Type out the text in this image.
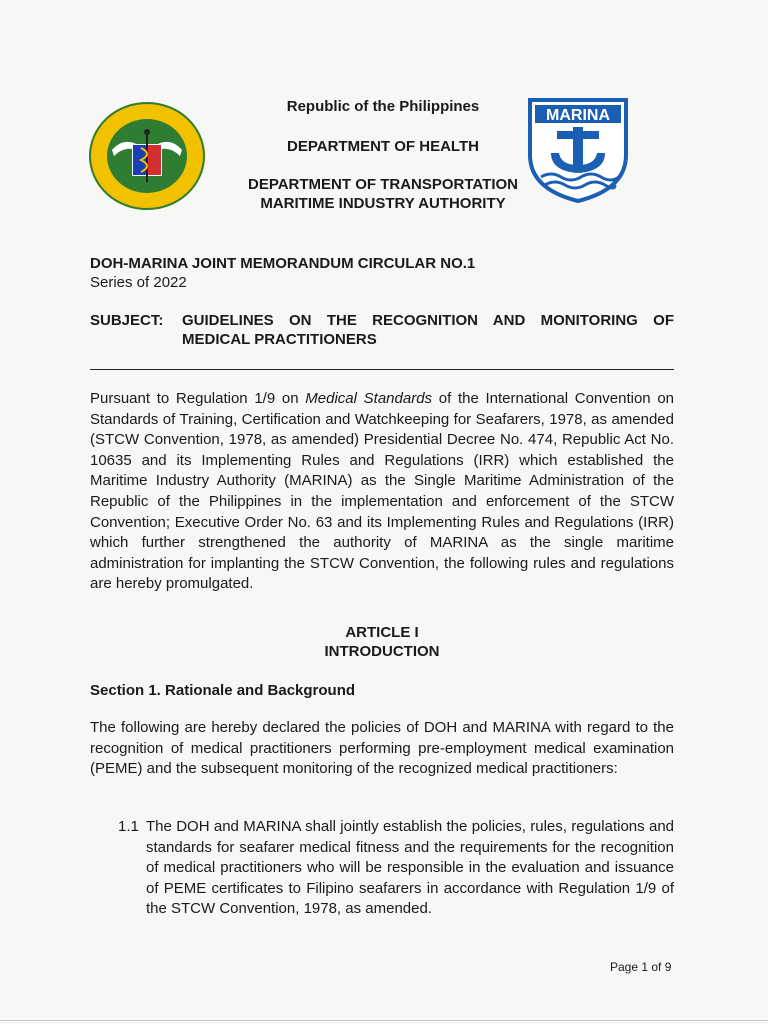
Republic of the Philippines
DEPARTMENT OF HEALTH
DEPARTMENT OF TRANSPORTATION
MARITIME INDUSTRY AUTHORITY
MARINA
DOH-MARINA JOINT MEMORANDUM CIRCULAR NO.1
Series of 2022
SUBJECT: GUIDELINES ON THE RECOGNITION AND MONITORING OF
MEDICAL PRACTITIONERS
Pursuant to Regulation 1/9 on Medical Standards of the International Convention on Standards of Training, Certification and Watchkeeping for Seafarers, 1978, as amended (STCW Convention, 1978, as amended) Presidential Decree No. 474, Republic Act No. 10635 and its Implementing Rules and Regulations (IRR) which established the Maritime Industry Authority (MARINA) as the Single Maritime Administration of the Republic of the Philippines in the implementation and enforcement of the STCW Convention; Executive Order No. 63 and its Implementing Rules and Regulations (IRR) which further strengthened the authority of MARINA as the single maritime administration for implanting the STCW Convention, the following rules and regulations are hereby promulgated.
ARTICLE I
INTRODUCTION
Section 1. Rationale and Background
The following are hereby declared the policies of DOH and MARINA with regard to the recognition of medical practitioners performing pre-employment medical examination (PEME) and the subsequent monitoring of the recognized medical practitioners:
1.1 The DOH and MARINA shall jointly establish the policies, rules, regulations and standards for seafarer medical fitness and the requirements for the recognition of medical practitioners who will be responsible in the evaluation and issuance of PEME certificates to Filipino seafarers in accordance with Regulation 1/9 of the STCW Convention, 1978, as amended.
Page 1 of 9
